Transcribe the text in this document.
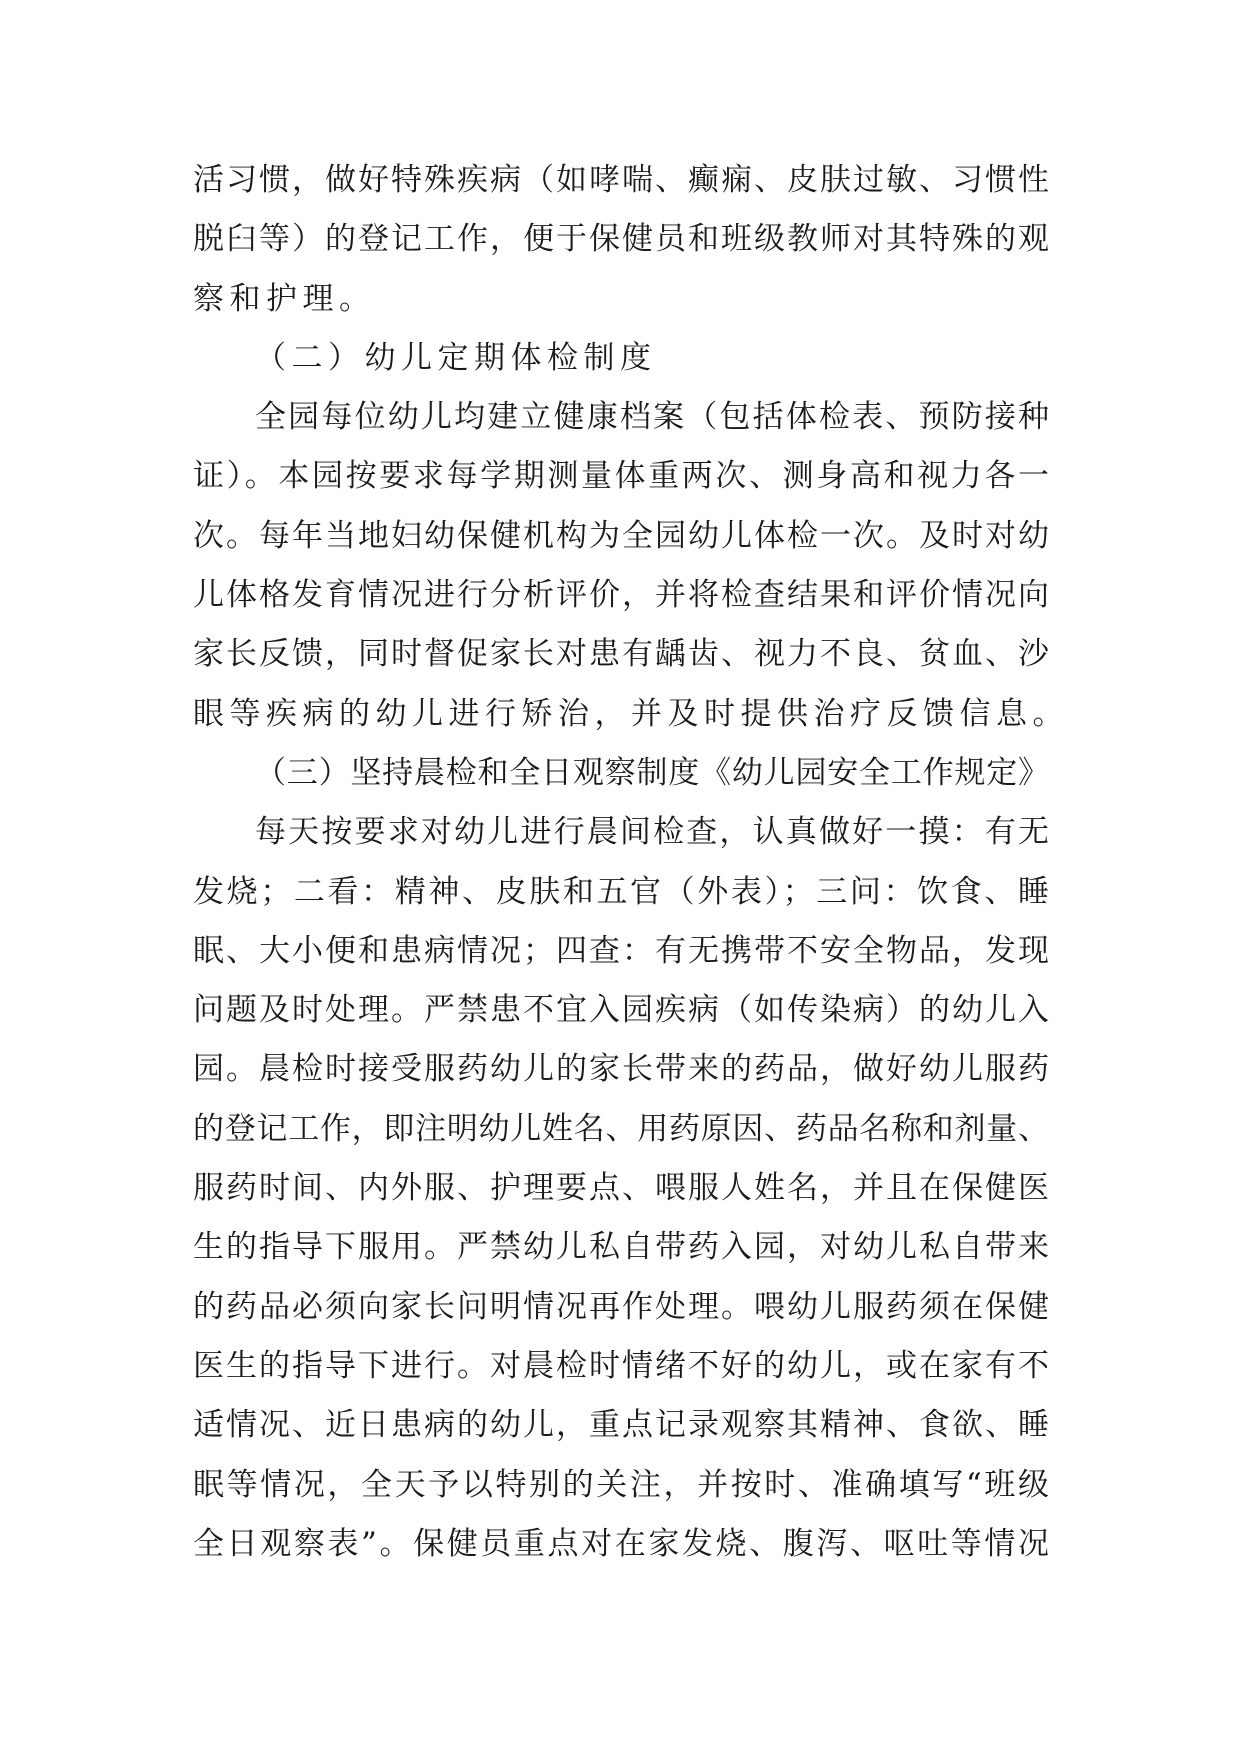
活习惯，做好特殊疾病（如哮喘、癫痫、皮肤过敏、习惯性
脱臼等）的登记工作，便于保健员和班级教师对其特殊的观
察和护理。
（二）幼儿定期体检制度
全园每位幼儿均建立健康档案（包括体检表、预防接种
证）。本园按要求每学期测量体重两次、测身高和视力各一
次。每年当地妇幼保健机构为全园幼儿体检一次。及时对幼
儿体格发育情况进行分析评价，并将检查结果和评价情况向
家长反馈，同时督促家长对患有龋齿、视力不良、贫血、沙
眼等疾病的幼儿进行矫治，并及时提供治疗反馈信息。
（三）坚持晨检和全日观察制度《幼儿园安全工作规定》
每天按要求对幼儿进行晨间检查，认真做好一摸：有无
发烧；二看：精神、皮肤和五官（外表）；三问：饮食、睡
眠、大小便和患病情况；四查：有无携带不安全物品，发现
问题及时处理。严禁患不宜入园疾病（如传染病）的幼儿入
园。晨检时接受服药幼儿的家长带来的药品，做好幼儿服药
的登记工作，即注明幼儿姓名、用药原因、药品名称和剂量、
服药时间、内外服、护理要点、喂服人姓名，并且在保健医
生的指导下服用。严禁幼儿私自带药入园，对幼儿私自带来
的药品必须向家长问明情况再作处理。喂幼儿服药须在保健
医生的指导下进行。对晨检时情绪不好的幼儿，或在家有不
适情况、近日患病的幼儿，重点记录观察其精神、食欲、睡
眠等情况，全天予以特别的关注，并按时、准确填写“班级
全日观察表”。保健员重点对在家发烧、腹泻、呕吐等情况
